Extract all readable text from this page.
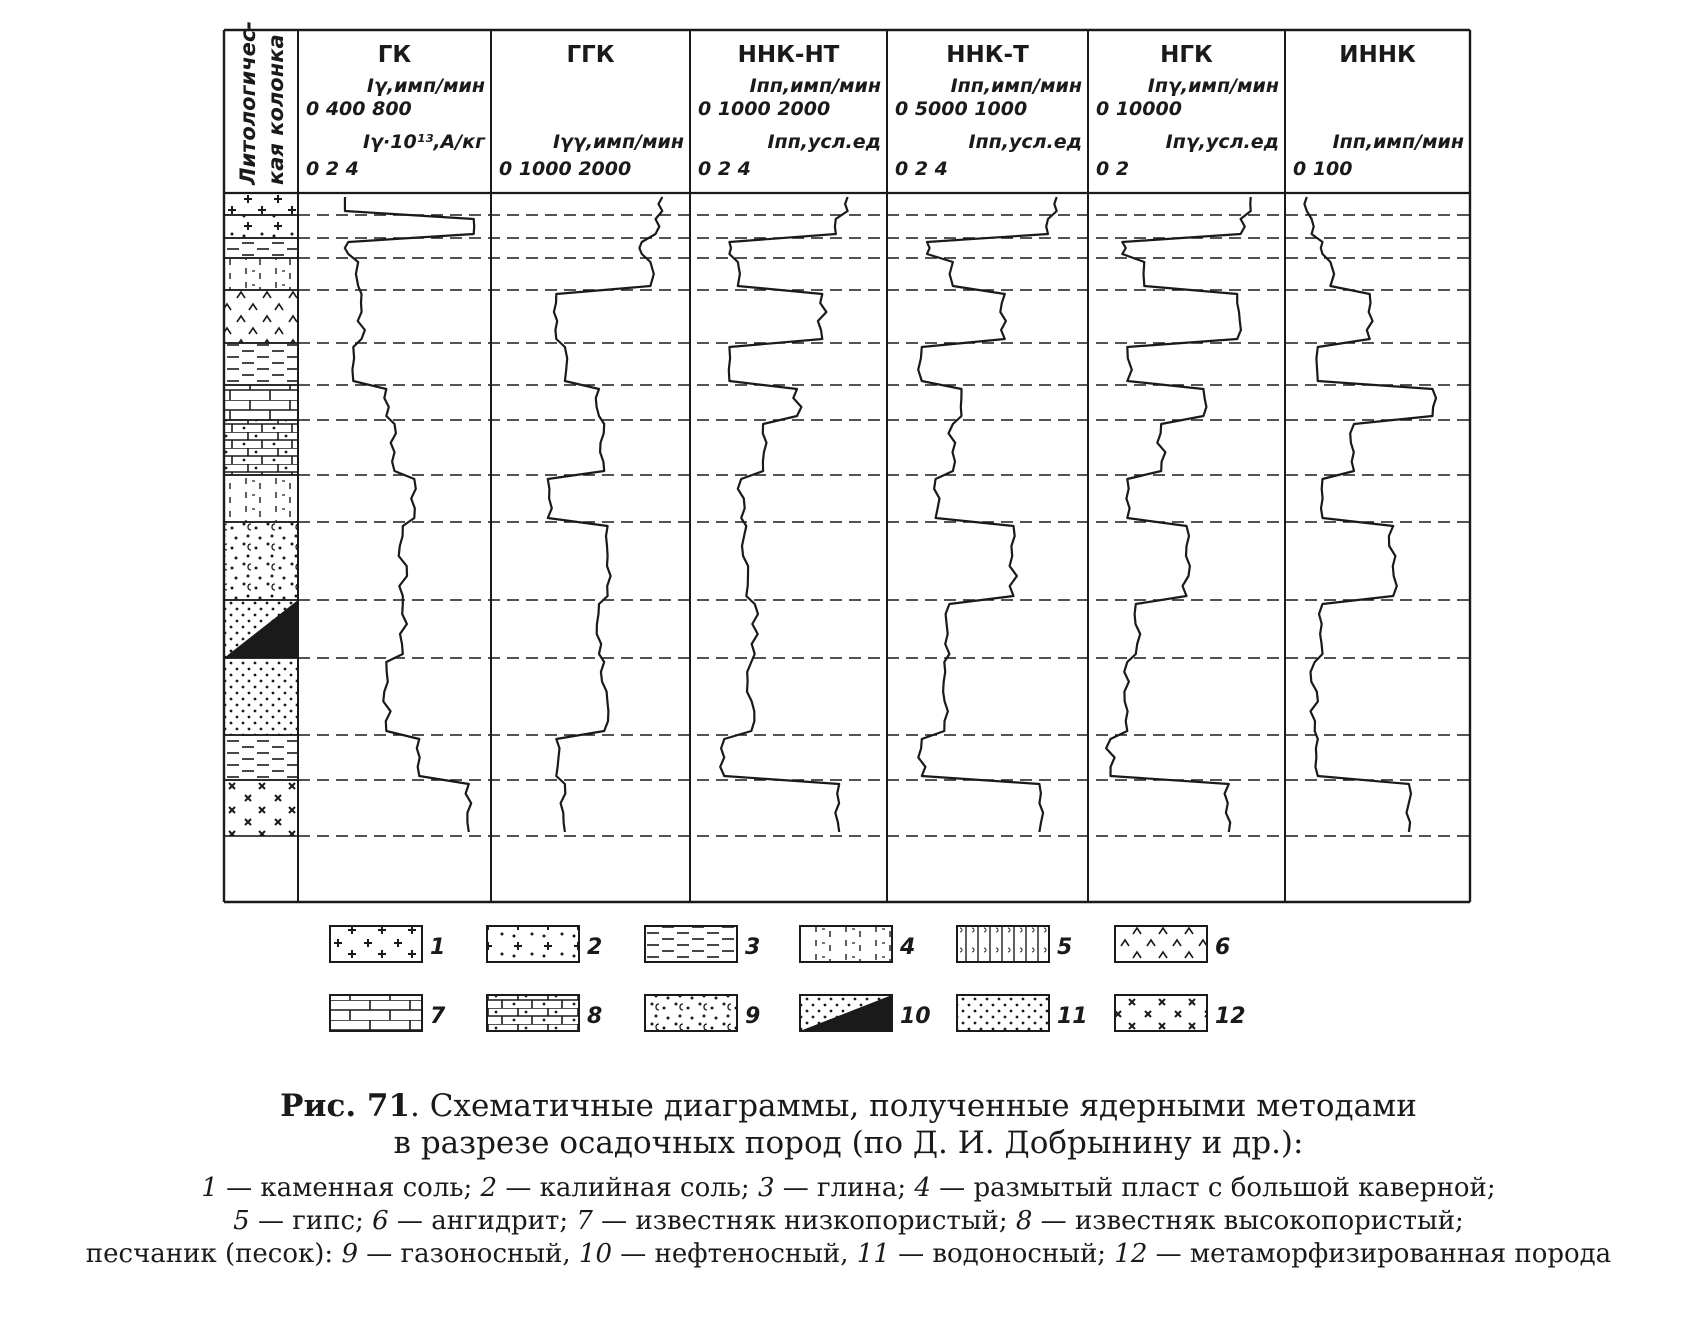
Литологичес- кая колонка	ГК
Iγ,имп/мин
0 400 800
Iγ·10¹³,А/кг
0 2 4
ГГК
Iγγ,имп/мин
0 1000 2000
ННК-НТ
Iпп,имп/мин
0 1000 2000
Iпп,усл.ед
0 2 4
ННК-Т
Iпп,имп/мин
0 5000 1000
Iпп,усл.ед
0 2 4
НГК
Iпγ,имп/мин
0 10000
Iпγ,усл.ед
0 2
ИННК
Iпп,имп/мин
0 100
1	2	3	4	5	6
7	8	9	10	11	12
Рис. 71. Схематичные диаграммы, полученные ядерными методами
в разрезе осадочных пород (по Д. И. Добрынину и др.):
1 — каменная соль; 2 — калийная соль; 3 — глина; 4 — размытый пласт с большой каверной;
5 — гипс; 6 — ангидрит; 7 — известняк низкопористый; 8 — известняк высокопористый;
песчаник (песок): 9 — газоносный, 10 — нефтеносный, 11 — водоносный; 12 — метаморфизированная порода
